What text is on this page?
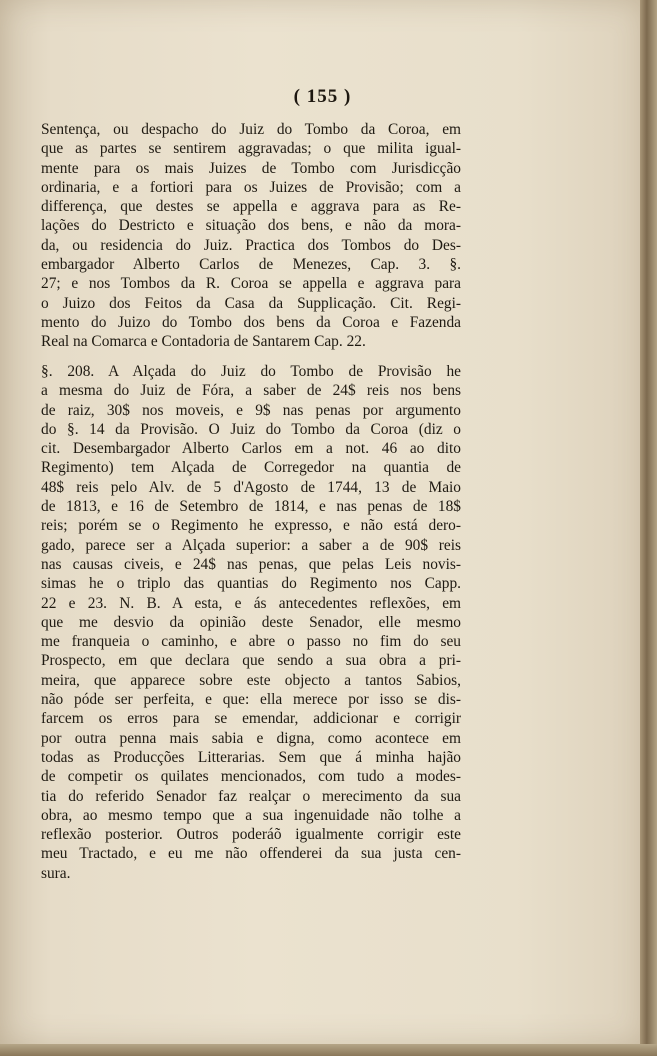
( 155 )
Sentença, ou despacho do Juiz do Tombo da Coroa, em
que as partes se sentirem aggravadas; o que milita igual-
mente para os mais Juizes de Tombo com Jurisdicção
ordinaria, e a fortiori para os Juizes de Provisão; com a
differença, que destes se appella e aggrava para as Re-
lações do Destricto e situação dos bens, e não da mora-
da, ou residencia do Juiz. Practica dos Tombos do Des-
embargador Alberto Carlos de Menezes, Cap. 3. §.
27; e nos Tombos da R. Coroa se appella e aggrava para
o Juizo dos Feitos da Casa da Supplicação. Cit. Regi-
mento do Juizo do Tombo dos bens da Coroa e Fazenda
Real na Comarca e Contadoria de Santarem Cap. 22.
§. 208. A Alçada do Juiz do Tombo de Provisão he
a mesma do Juiz de Fóra, a saber de 24$ reis nos bens
de raiz, 30$ nos moveis, e 9$ nas penas por argumento
do §. 14 da Provisão. O Juiz do Tombo da Coroa (diz o
cit. Desembargador Alberto Carlos em a not. 46 ao dito
Regimento) tem Alçada de Corregedor na quantia de
48$ reis pelo Alv. de 5 d'Agosto de 1744, 13 de Maio
de 1813, e 16 de Setembro de 1814, e nas penas de 18$
reis; porém se o Regimento he expresso, e não está dero-
gado, parece ser a Alçada superior: a saber a de 90$ reis
nas causas civeis, e 24$ nas penas, que pelas Leis novis-
simas he o triplo das quantias do Regimento nos Capp.
22 e 23. N. B. A esta, e ás antecedentes reflexões, em
que me desvio da opinião deste Senador, elle mesmo
me franqueia o caminho, e abre o passo no fim do seu
Prospecto, em que declara que sendo a sua obra a pri-
meira, que apparece sobre este objecto a tantos Sabios,
não póde ser perfeita, e que: ella merece por isso se dis-
farcem os erros para se emendar, addicionar e corrigir
por outra penna mais sabia e digna, como acontece em
todas as Producções Litterarias. Sem que á minha hajão
de competir os quilates mencionados, com tudo a modes-
tia do referido Senador faz realçar o merecimento da sua
obra, ao mesmo tempo que a sua ingenuidade não tolhe a
reflexão posterior. Outros poderáõ igualmente corrigir este
meu Tractado, e eu me não offenderei da sua justa cen-
sura.
